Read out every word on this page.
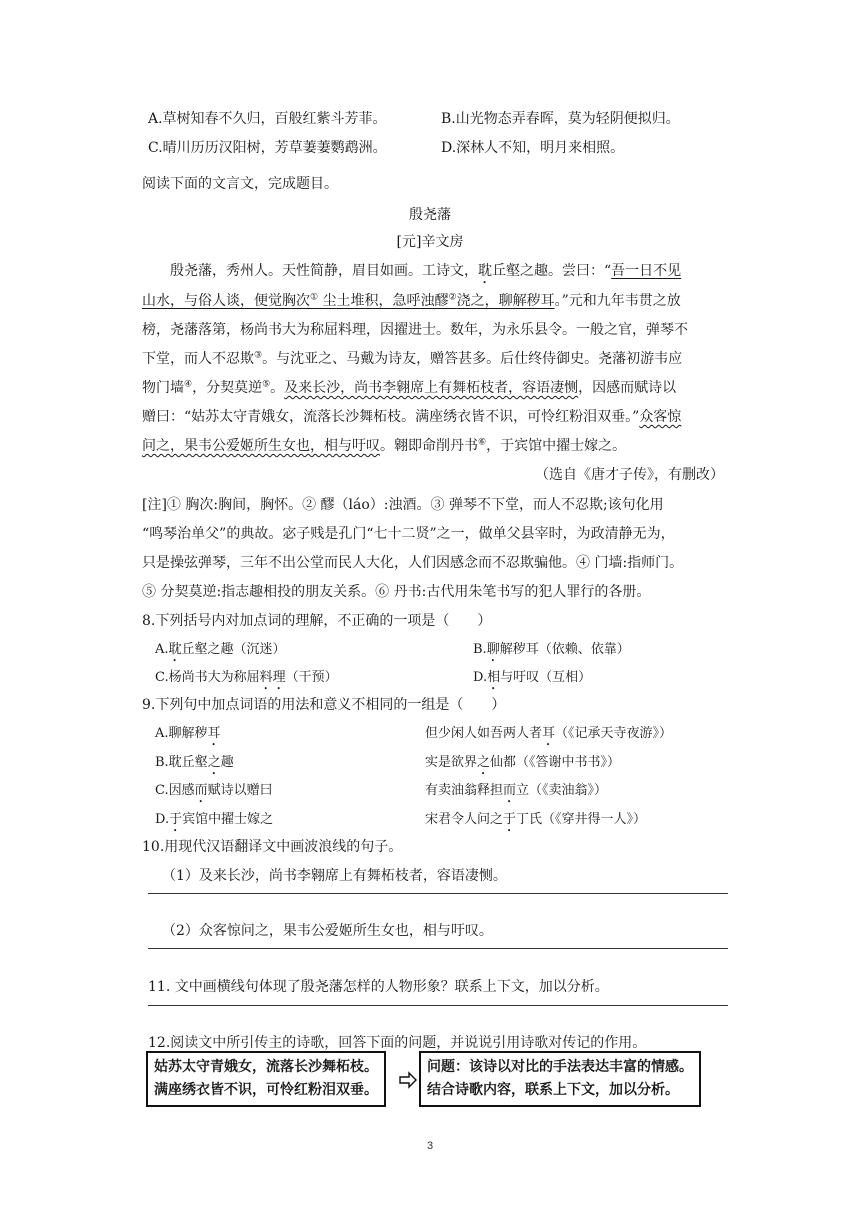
A.草树知春不久归，百般红紫斗芳菲。	B.山光物态弄春晖，莫为轻阴便拟归。
C.晴川历历汉阳树，芳草萋萋鹦鹉洲。	D.深林人不知，明月来相照。
阅读下面的文言文，完成题目。
殷尧藩
[元]辛文房
殷尧藩，秀州人。天性简静，眉目如画。工诗文，耽丘壑之趣。尝曰：“吾一日不见
山水，与俗人谈，便觉胸次① 尘土堆积，急呼浊醪②浇之，聊解秽耳。”元和九年韦贯之放
榜，尧藩落第，杨尚书大为称屈料理，因擢进士。数年，为永乐县令。一般之官，弹琴不
下堂，而人不忍欺③。与沈亚之、马戴为诗友，赠答甚多。后仕终侍御史。尧藩初游韦应
物门墙④，分契莫逆⑤。及来长沙，尚书李翱席上有舞柘枝者，容语凄恻，因感而赋诗以
赠曰：“姑苏太守青娥女，流落长沙舞柘枝。满座绣衣皆不识，可怜红粉泪双垂。”众客惊
问之，果韦公爱姬所生女也，相与吁叹。翱即命削丹书⑥，于宾馆中擢士嫁之。
（选自《唐才子传》，有删改）
[注]① 胸次:胸间，胸怀。② 醪（láo）:浊酒。③ 弹琴不下堂，而人不忍欺;该句化用
“鸣琴治单父”的典故。宓子贱是孔门“七十二贤”之一，做单父县宰时，为政清静无为，
只是操弦弹琴，三年不出公堂而民人大化，人们因感念而不忍欺骗他。④ 门墙:指师门。
⑤ 分契莫逆:指志趣相投的朋友关系。⑥ 丹书:古代用朱笔书写的犯人罪行的各册。
8.下列括号内对加点词的理解，不正确的一项是（　　）
A.耽丘壑之趣（沉迷）	B.聊解秽耳（依赖、依靠）
C.杨尚书大为称屈料理（干预）	D.相与吁叹（互相）
9.下列句中加点词语的用法和意义不相同的一组是（　　）
A.聊解秽耳	但少闲人如吾两人者耳（《记承天寺夜游》）
B.耽丘壑之趣	实是欲界之仙都（《答谢中书书》）
C.因感而赋诗以赠曰	有卖油翁释担而立（《卖油翁》）
D.于宾馆中擢士嫁之	宋君令人问之于丁氏（《穿井得一人》）
10.用现代汉语翻译文中画波浪线的句子。
（1）及来长沙，尚书李翱席上有舞柘枝者，容语凄恻。
（2）众客惊问之，果韦公爱姬所生女也，相与吁叹。
11. 文中画横线句体现了殷尧藩怎样的人物形象？联系上下文，加以分析。
12.阅读文中所引传主的诗歌，回答下面的问题，并说说引用诗歌对传记的作用。
姑苏太守青娥女，流落长沙舞柘枝。
满座绣衣皆不识，可怜红粉泪双垂。
问题：该诗以对比的手法表达丰富的情感。
结合诗歌内容，联系上下文，加以分析。
3
